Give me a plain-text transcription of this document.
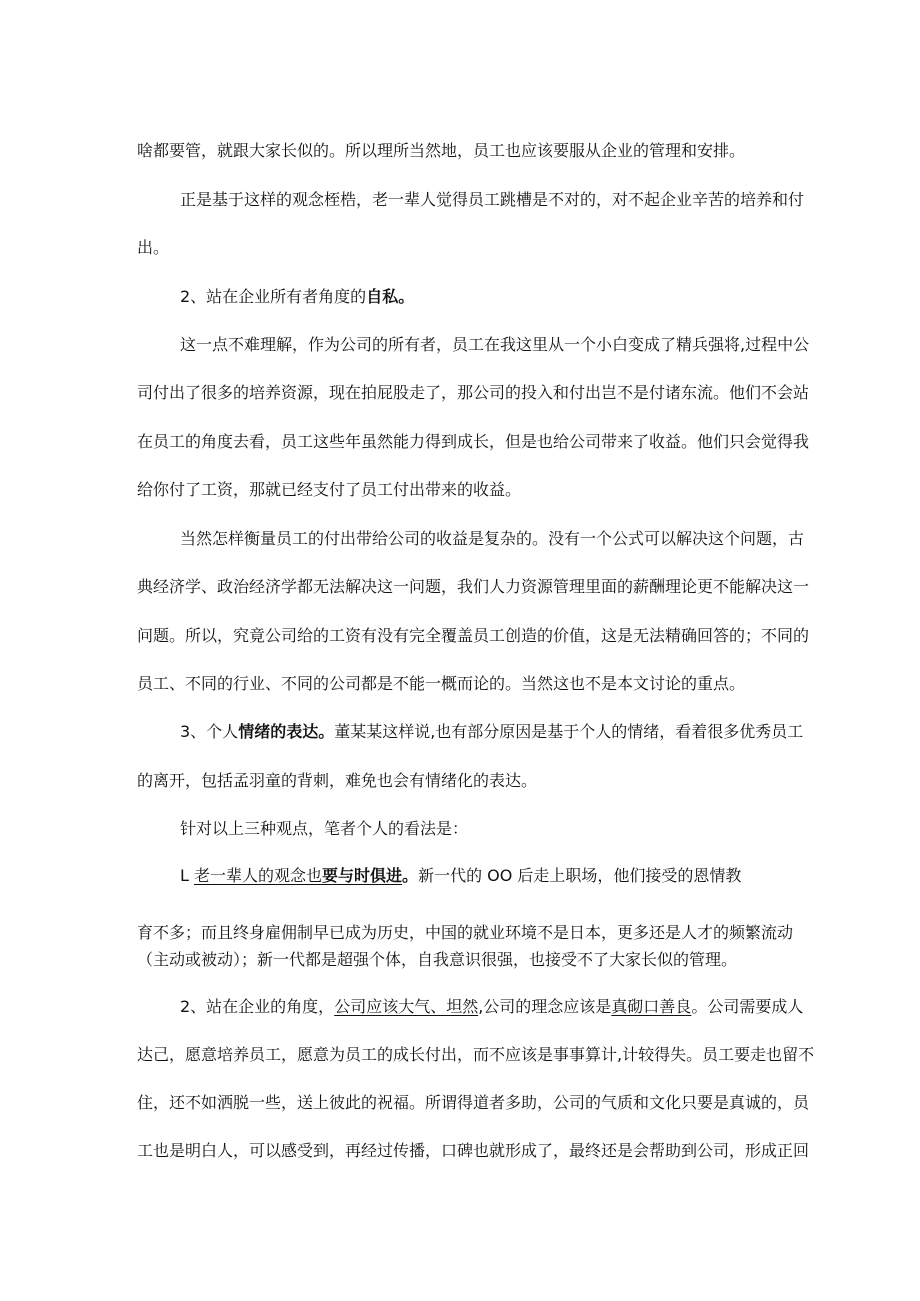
啥都要管，就跟大家长似的。所以理所当然地，员工也应该要服从企业的管理和安排。

正是基于这样的观念桎梏，老一辈人觉得员工跳槽是不对的，对不起企业辛苦的培养和付

出。

2、站在企业所有者角度的自私。

这一点不难理解，作为公司的所有者，员工在我这里从一个小白变成了精兵强将,过程中公

司付出了很多的培养资源，现在拍屁股走了，那公司的投入和付出岂不是付诸东流。他们不会站

在员工的角度去看，员工这些年虽然能力得到成长，但是也给公司带来了收益。他们只会觉得我

给你付了工资，那就已经支付了员工付出带来的收益。

当然怎样衡量员工的付出带给公司的收益是复杂的。没有一个公式可以解决这个问题，古

典经济学、政治经济学都无法解决这一问题，我们人力资源管理里面的薪酬理论更不能解决这一

问题。所以，究竟公司给的工资有没有完全覆盖员工创造的价值，这是无法精确回答的；不同的

员工、不同的行业、不同的公司都是不能一概而论的。当然这也不是本文讨论的重点。

3、个人情绪的表达。董某某这样说,也有部分原因是基于个人的情绪，看着很多优秀员工

的离开，包括孟羽童的背刺，难免也会有情绪化的表达。

针对以上三种观点，笔者个人的看法是：

L 老一辈人的观念也要与时俱进。新一代的 OO 后走上职场，他们接受的恩情教

育不多；而且终身雇佣制早已成为历史，中国的就业环境不是日本，更多还是人才的频繁流动

（主动或被动）；新一代都是超强个体，自我意识很强，也接受不了大家长似的管理。

2、站在企业的角度，公司应该大气、坦然,公司的理念应该是真砌口善良。公司需要成人

达己，愿意培养员工，愿意为员工的成长付出，而不应该是事事算计,计较得失。员工要走也留不

住，还不如洒脱一些，送上彼此的祝福。所谓得道者多助，公司的气质和文化只要是真诚的，员

工也是明白人，可以感受到，再经过传播，口碑也就形成了，最终还是会帮助到公司，形成正回
